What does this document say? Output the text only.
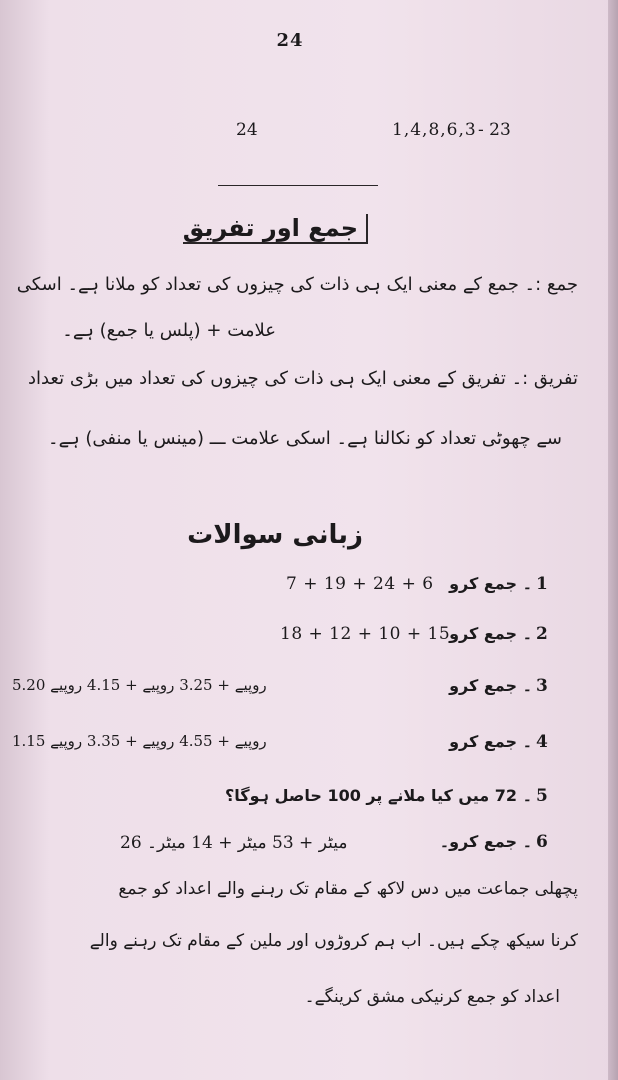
24
24	1,4,8,6,3 - 23
جمع اور تفریق
جمع :۔ جمع کے معنی ایک ہی ذات کی چیزوں کی تعداد کو ملانا ہے۔ اسکی
علامت + (پلس یا جمع) ہے۔
تفریق :۔ تفریق کے معنی ایک ہی ذات کی چیزوں کی تعداد میں بڑی تعداد
سے چھوٹی تعداد کو نکالنا ہے۔ اسکی علامت ـــ (مینس یا منفی) ہے۔
زبانی سوالات
1
۔ جمع کرو
7 + 19 + 24 + 6
2
۔ جمع کرو
18 + 12 + 10 + 15
3
۔ جمع کرو
5.20 روپیے + 3.25 روپیے + 4.15 روپیے
4
۔ جمع کرو
1.15 روپیے + 4.55 روپیے + 3.35 روپیے
5
۔ 72 میں کیا ملانے پر 100 حاصل ہوگا؟
6
۔ جمع کرو۔
26 میٹر + 53 میٹر + 14 میٹر۔
پچھلی جماعت میں دس لاکھ کے مقام تک رہنے والے اعداد کو جمع
کرنا سیکھ چکے ہیں۔ اب ہم کروڑوں اور ملین کے مقام تک رہنے والے
اعداد کو جمع کرنیکی مشق کرینگے۔
